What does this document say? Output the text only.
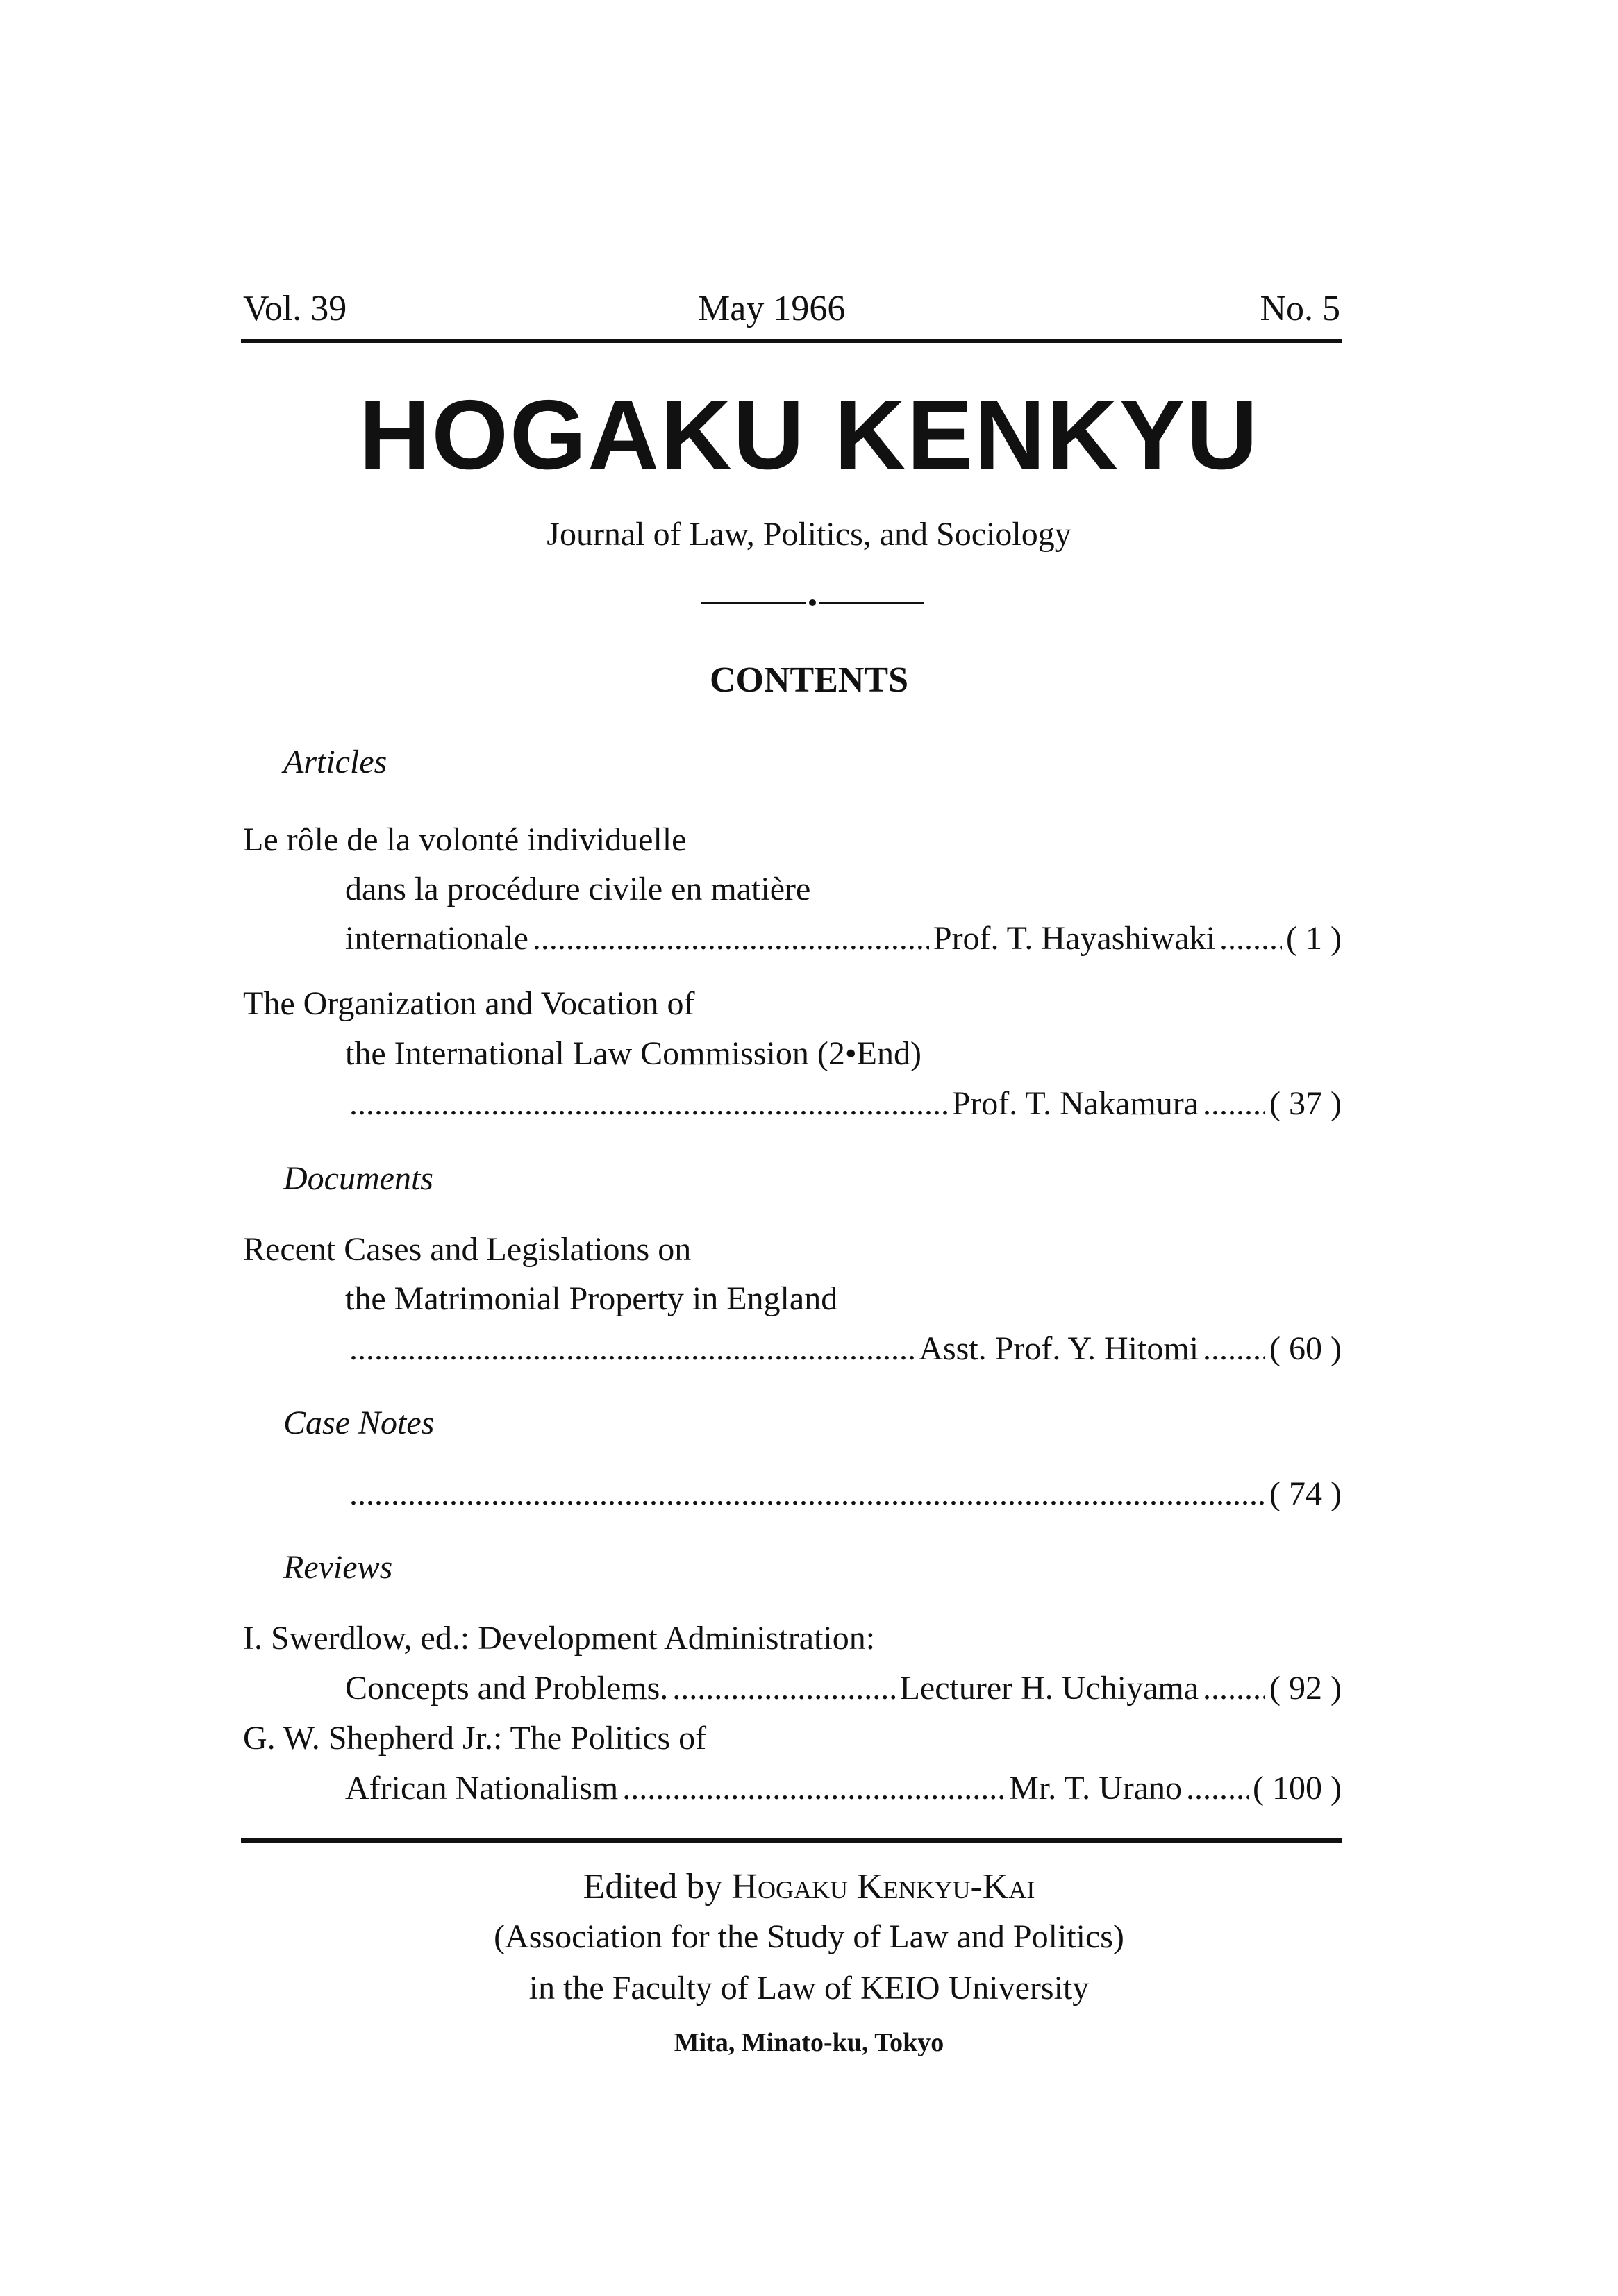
Vol. 39	May 1966	No. 5
HOGAKU KENKYU
Journal of Law, Politics, and Sociology
CONTENTS
Articles
Le rôle de la volonté individuelle
dans la procédure civile en matière
internationale . . .	Prof. T. Hayashiwaki . . . ( 1 )
The Organization and Vocation of
the International Law Commission (2•End)
. . .
Prof. T. Nakamura . . . ( 37 )
Documents
Recent Cases and Legislations on
the Matrimonial Property in England
. . .
Asst. Prof. Y. Hitomi . . . ( 60 )
Case Notes
. . .
( 74 )
Reviews
I. Swerdlow, ed.: Development Administration:
Concepts and Problems. . . .	Lecturer H. Uchiyama . . . ( 92 )
G. W. Shepherd Jr.: The Politics of
African Nationalism . . .	Mr. T. Urano . . . ( 100 )
Edited by Hogaku Kenkyu-Kai
(Association for the Study of Law and Politics)
in the Faculty of Law of KEIO University
Mita, Minato-ku, Tokyo
